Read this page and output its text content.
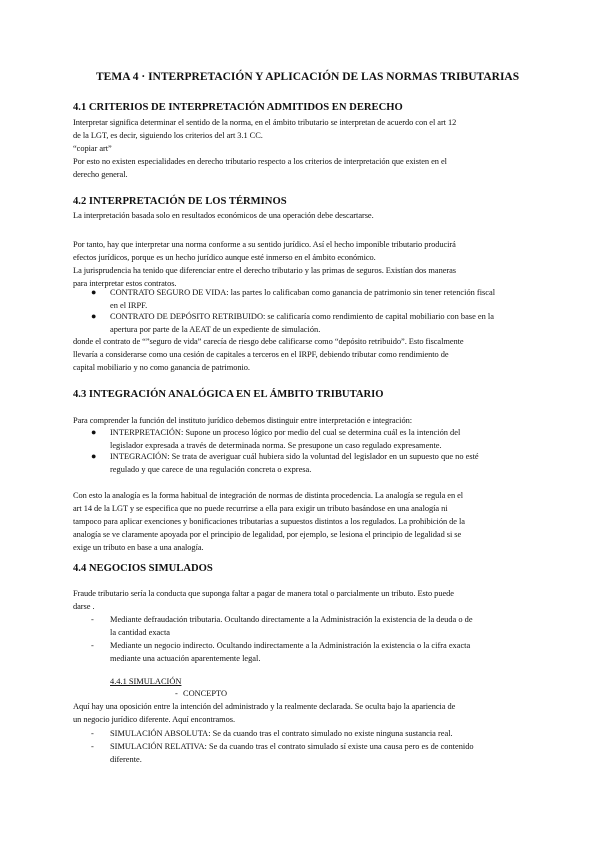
TEMA 4 · INTERPRETACIÓN Y APLICACIÓN DE LAS NORMAS TRIBUTARIAS
4.1 CRITERIOS DE INTERPRETACIÓN ADMITIDOS EN DERECHO
Interpretar significa determinar el sentido de la norma, en el ámbito tributario se interpretan de acuerdo con el art 12
de la LGT, es decir, siguiendo los criterios del art 3.1 CC.
“copiar art”
Por esto no existen especialidades en derecho tributario respecto a los criterios de interpretación que existen en el
derecho general.
4.2 INTERPRETACIÓN DE LOS TÉRMINOS
La interpretación basada solo en resultados económicos de una operación debe descartarse.
Por tanto, hay que interpretar una norma conforme a su sentido jurídico. Así el hecho imponible tributario producirá
efectos jurídicos, porque es un hecho jurídico aunque esté inmerso en el ámbito económico.
La jurisprudencia ha tenido que diferenciar entre el derecho tributario y las primas de seguros. Existían dos maneras
para interpretar estos contratos.
● CONTRATO SEGURO DE VIDA: las partes lo calificaban como ganancia de patrimonio sin tener retención fiscal
en el IRPF.
● CONTRATO DE DEPÓSITO RETRIBUIDO: se calificaría como rendimiento de capital mobiliario con base en la
apertura por parte de la AEAT de un expediente de simulación.
donde el contrato de “”seguro de vida” carecía de riesgo debe calificarse como “depósito retribuido”. Esto fiscalmente
llevaría a considerarse como una cesión de capitales a terceros en el IRPF, debiendo tributar como rendimiento de
capital mobiliario y no como ganancia de patrimonio.
4.3 INTEGRACIÓN ANALÓGICA EN EL ÁMBITO TRIBUTARIO
Para comprender la función del instituto jurídico debemos distinguir entre interpretación e integración:
● INTERPRETACIÓN: Supone un proceso lógico por medio del cual se determina cuál es la intención del
legislador expresada a través de determinada norma. Se presupone un caso regulado expresamente.
● INTEGRACIÓN: Se trata de averiguar cuál hubiera sido la voluntad del legislador en un supuesto que no esté
regulado y que carece de una regulación concreta o expresa.
Con esto la analogía es la forma habitual de integración de normas de distinta procedencia. La analogía se regula en el
art 14 de la LGT y se especifica que no puede recurrirse a ella para exigir un tributo basándose en una analogía ni
tampoco para aplicar exenciones y bonificaciones tributarias a supuestos distintos a los regulados. La prohibición de la
analogía se ve claramente apoyada por el principio de legalidad, por ejemplo, se lesiona el principio de legalidad si se
exige un tributo en base a una analogía.
4.4 NEGOCIOS SIMULADOS
Fraude tributario sería la conducta que suponga faltar a pagar de manera total o parcialmente un tributo. Esto puede
darse .
- Mediante defraudación tributaria. Ocultando directamente a la Administración la existencia de la deuda o de
la cantidad exacta
- Mediante un negocio indirecto. Ocultando indirectamente a la Administración la existencia o la cifra exacta
mediante una actuación aparentemente legal.
4.4.1 SIMULACIÓN
- CONCEPTO
Aquí hay una oposición entre la intención del administrado y la realmente declarada. Se oculta bajo la apariencia de
un negocio jurídico diferente. Aquí encontramos.
- SIMULACIÓN ABSOLUTA: Se da cuando tras el contrato simulado no existe ninguna sustancia real.
- SIMULACIÓN RELATIVA: Se da cuando tras el contrato simulado sí existe una causa pero es de contenido
diferente.
